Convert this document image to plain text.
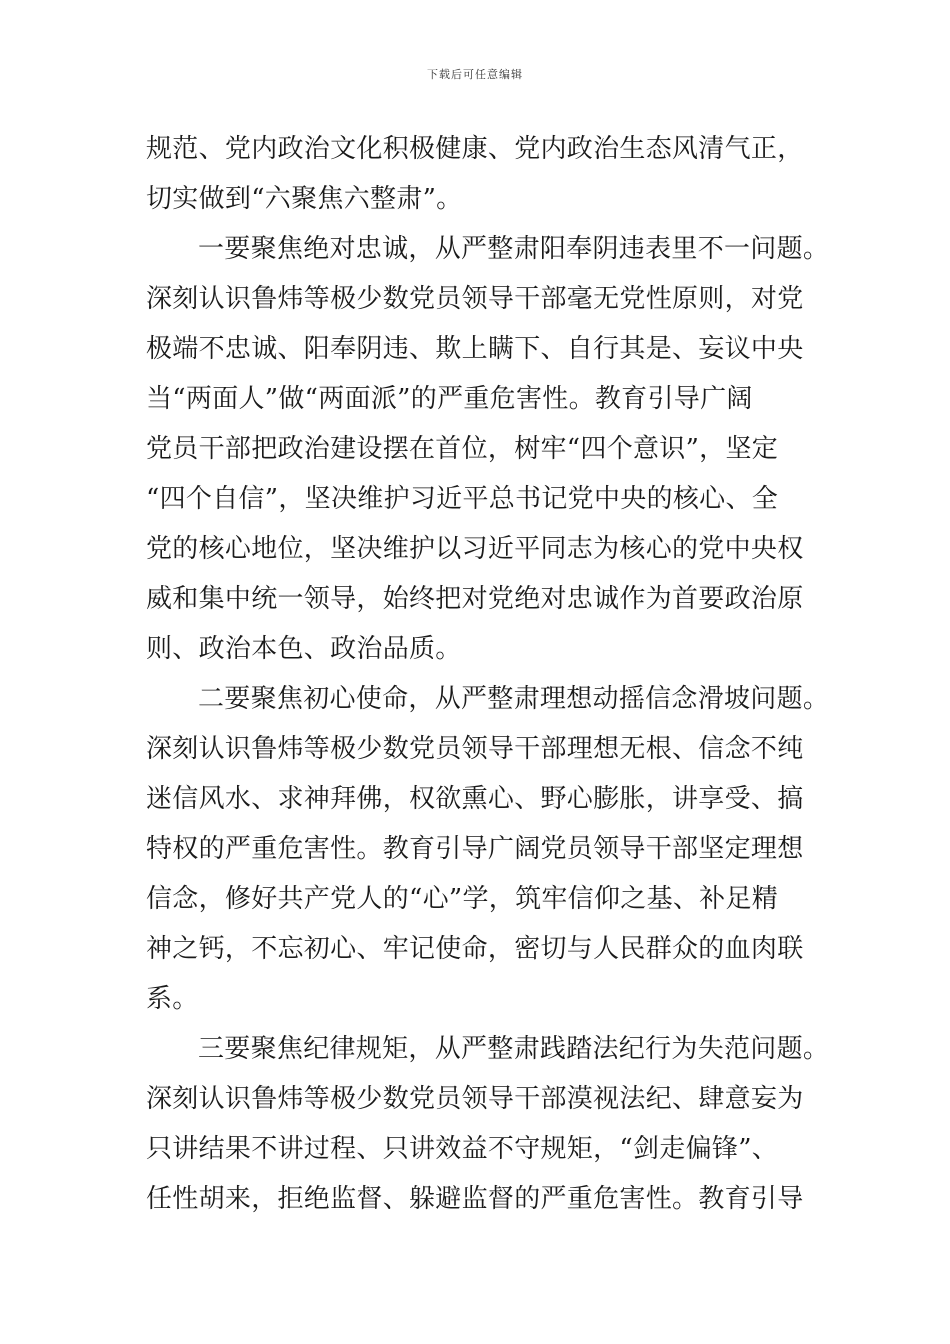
下载后可任意编辑
规范、党内政治文化积极健康、党内政治生态风清气正，
切实做到“六聚焦六整肃”。
一要聚焦绝对忠诚，从严整肃阳奉阴违表里不一问题。
深刻认识鲁炜等极少数党员领导干部毫无党性原则，对党
极端不忠诚、阳奉阴违、欺上瞒下、自行其是、妄议中央
当“两面人”做“两面派”的严重危害性。教育引导广阔
党员干部把政治建设摆在首位，树牢“四个意识”，坚定
“四个自信”，坚决维护习近平总书记党中央的核心、全
党的核心地位，坚决维护以习近平同志为核心的党中央权
威和集中统一领导，始终把对党绝对忠诚作为首要政治原
则、政治本色、政治品质。
二要聚焦初心使命，从严整肃理想动摇信念滑坡问题。
深刻认识鲁炜等极少数党员领导干部理想无根、信念不纯
迷信风水、求神拜佛，权欲熏心、野心膨胀，讲享受、搞
特权的严重危害性。教育引导广阔党员领导干部坚定理想
信念，修好共产党人的“心”学，筑牢信仰之基、补足精
神之钙，不忘初心、牢记使命，密切与人民群众的血肉联
系。
三要聚焦纪律规矩，从严整肃践踏法纪行为失范问题。
深刻认识鲁炜等极少数党员领导干部漠视法纪、肆意妄为
只讲结果不讲过程、只讲效益不守规矩，“剑走偏锋”、
任性胡来，拒绝监督、躲避监督的严重危害性。教育引导
